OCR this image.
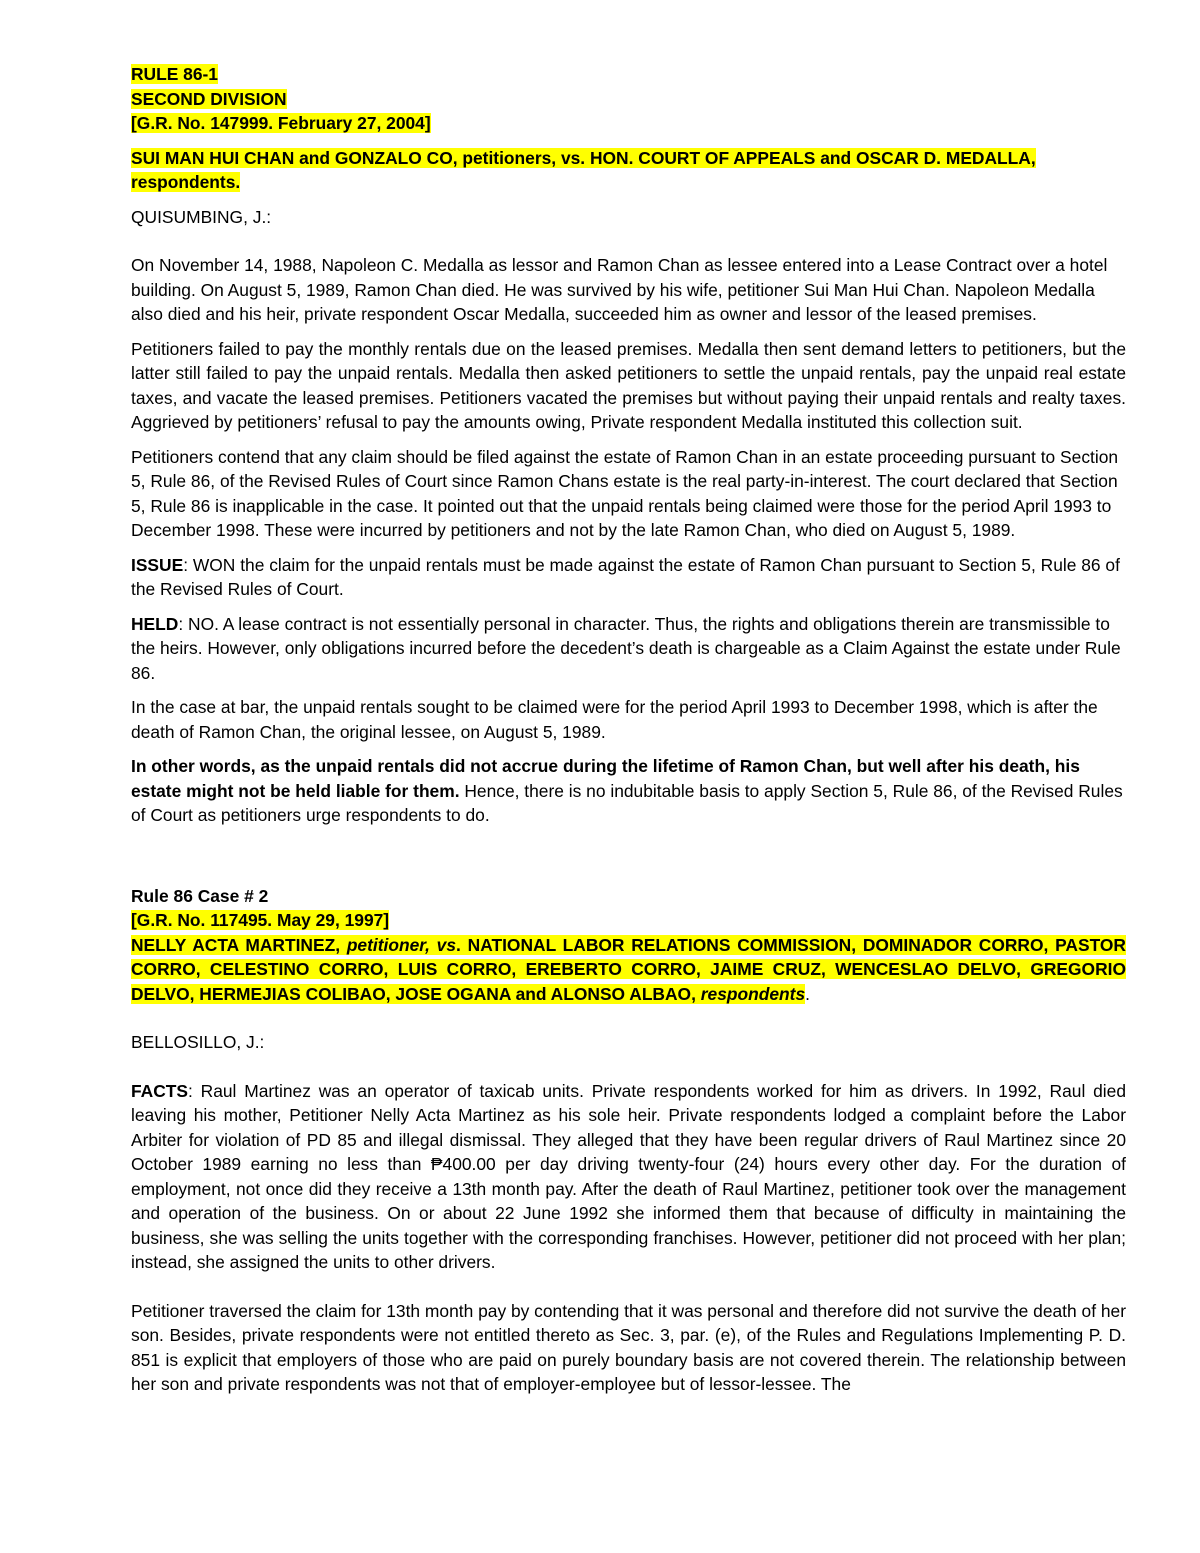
RULE 86-1
SECOND DIVISION
[G.R. No. 147999. February 27, 2004]

SUI MAN HUI CHAN and GONZALO CO, petitioners, vs. HON. COURT OF APPEALS and OSCAR D. MEDALLA, respondents.

QUISUMBING, J.:

On November 14, 1988, Napoleon C. Medalla as lessor and Ramon Chan as lessee entered into a Lease Contract over a hotel building. On August 5, 1989, Ramon Chan died. He was survived by his wife, petitioner Sui Man Hui Chan. Napoleon Medalla also died and his heir, private respondent Oscar Medalla, succeeded him as owner and lessor of the leased premises.

Petitioners failed to pay the monthly rentals due on the leased premises. Medalla then sent demand letters to petitioners, but the latter still failed to pay the unpaid rentals. Medalla then asked petitioners to settle the unpaid rentals, pay the unpaid real estate taxes, and vacate the leased premises. Petitioners vacated the premises but without paying their unpaid rentals and realty taxes. Aggrieved by petitioners’ refusal to pay the amounts owing, Private respondent Medalla instituted this collection suit.

Petitioners contend that any claim should be filed against the estate of Ramon Chan in an estate proceeding pursuant to Section 5, Rule 86, of the Revised Rules of Court since Ramon Chans estate is the real party-in-interest. The court declared that Section 5, Rule 86 is inapplicable in the case. It pointed out that the unpaid rentals being claimed were those for the period April 1993 to December 1998. These were incurred by petitioners and not by the late Ramon Chan, who died on August 5, 1989.

ISSUE: WON the claim for the unpaid rentals must be made against the estate of Ramon Chan pursuant to Section 5, Rule 86 of the Revised Rules of Court.

HELD: NO. A lease contract is not essentially personal in character. Thus, the rights and obligations therein are transmissible to the heirs. However, only obligations incurred before the decedent’s death is chargeable as a Claim Against the estate under Rule 86.

In the case at bar, the unpaid rentals sought to be claimed were for the period April 1993 to December 1998, which is after the death of Ramon Chan, the original lessee, on August 5, 1989.

In other words, as the unpaid rentals did not accrue during the lifetime of Ramon Chan, but well after his death, his estate might not be held liable for them. Hence, there is no indubitable basis to apply Section 5, Rule 86, of the Revised Rules of Court as petitioners urge respondents to do.

Rule 86 Case # 2

[G.R. No. 117495. May 29, 1997]
NELLY ACTA MARTINEZ, petitioner, vs. NATIONAL LABOR RELATIONS COMMISSION, DOMINADOR CORRO, PASTOR CORRO, CELESTINO CORRO, LUIS CORRO, EREBERTO CORRO, JAIME CRUZ, WENCESLAO DELVO, GREGORIO DELVO, HERMEJIAS COLIBAO, JOSE OGANA and ALONSO ALBAO, respondents.

BELLOSILLO, J.:

FACTS: Raul Martinez was an operator of taxicab units. Private respondents worked for him as drivers. In 1992, Raul died leaving his mother, Petitioner Nelly Acta Martinez as his sole heir. Private respondents lodged a complaint before the Labor Arbiter for violation of PD 85 and illegal dismissal. They alleged that they have been regular drivers of Raul Martinez since 20 October 1989 earning no less than ₱400.00 per day driving twenty-four (24) hours every other day. For the duration of employment, not once did they receive a 13th month pay. After the death of Raul Martinez, petitioner took over the management and operation of the business. On or about 22 June 1992 she informed them that because of difficulty in maintaining the business, she was selling the units together with the corresponding franchises. However, petitioner did not proceed with her plan; instead, she assigned the units to other drivers.

Petitioner traversed the claim for 13th month pay by contending that it was personal and therefore did not survive the death of her son. Besides, private respondents were not entitled thereto as Sec. 3, par. (e), of the Rules and Regulations Implementing P. D. 851 is explicit that employers of those who are paid on purely boundary basis are not covered therein. The relationship between her son and private respondents was not that of employer-employee but of lessor-lessee. The
